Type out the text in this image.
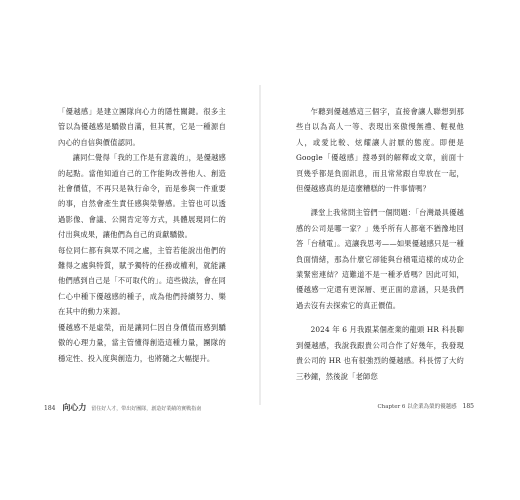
「優越感」是建立團隊向心力的隱性關鍵。很多主管以為優越感是驕傲自滿，但其實，它是一種源自內心的自信與價值認同。

讓同仁覺得「我的工作是有意義的」，是優越感的起點。當他知道自己的工作能夠改善他人、創造社會價值，不再只是執行命令，而是參與一件重要的事，自然會產生責任感與榮譽感。主管也可以透過影像、會議、公開肯定等方式，具體展現同仁的付出與成果，讓他們為自己的貢獻驕傲。

每位同仁都有與眾不同之處，主管若能說出他們的難得之處與特質，賦予獨特的任務或權利，就能讓他們感到自己是「不可取代的」。這些做法，會在同仁心中種下優越感的種子，成為他們持續努力、樂在其中的動力來源。

優越感不是虛榮，而是讓同仁因自身價值而感到驕傲的心理力量，當主管懂得創造這種力量，團隊的穩定性、投入度與創造力，也將隨之大幅提升。

乍聽到優越感這三個字，直接會讓人聯想到那些自以為高人一等、表現出來傲慢無禮、輕視他人，或愛比較、炫耀讓人討厭的態度。即便是 Google「優越感」搜尋到的解釋或文章，前面十頁幾乎都是負面訊息，而且常常跟自卑放在一起，但優越感真的是這麼糟糕的一件事情嗎？

課堂上我常問主管們一個問題：「台灣最具優越感的公司是哪一家？」幾乎所有人都毫不猶豫地回答「台積電」。這讓我思考——如果優越感只是一種負面情緒，那為什麼它卻能與台積電這樣的成功企業緊密連結？這難道不是一種矛盾嗎？因此可知，優越感一定還有更深層、更正面的意涵，只是我們過去沒有去探索它的真正價值。

2024 年 6 月我跟某個產業的龍頭 HR 科長聊到優越感，我說我跟貴公司合作了好幾年，我發現貴公司的 HR 也有很強烈的優越感。科長愣了大約三秒鐘，然後說「老師您

184 向心力 留住好人才，带出好團隊，創造好業績的實戰指南	Chapter 6 以企業為榮的優越感 185
